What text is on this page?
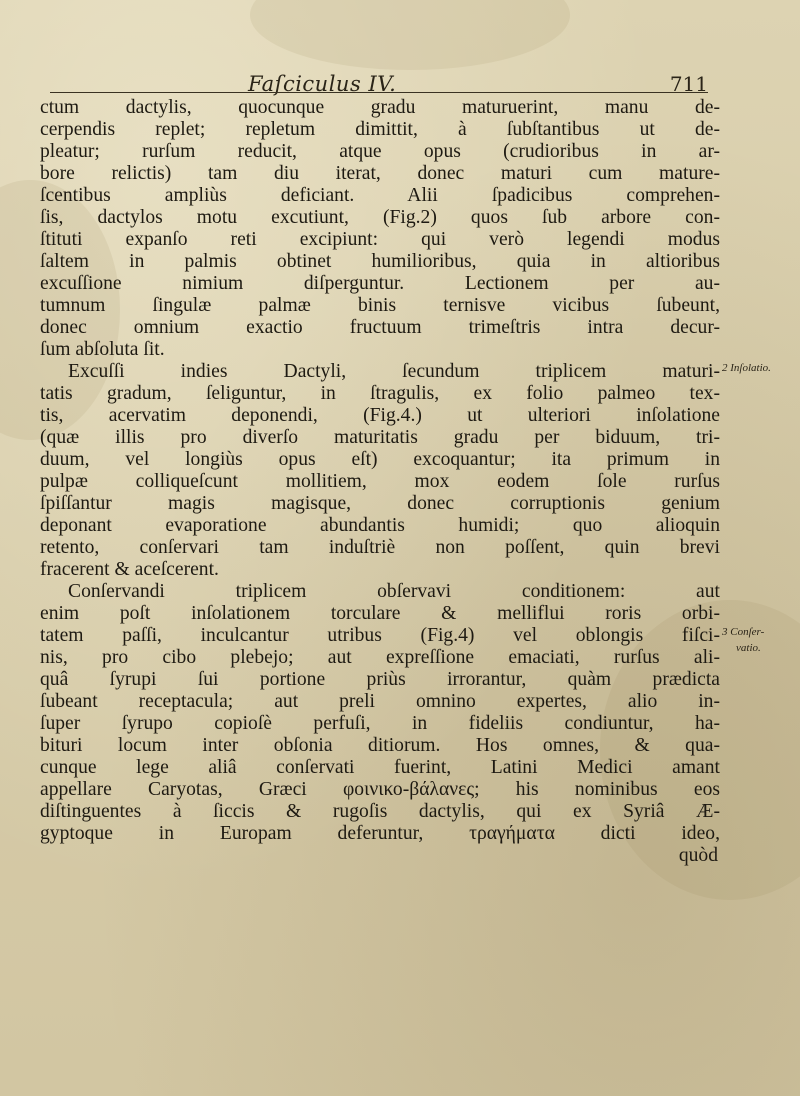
Faſciculus IV.	711
ctum dactylis, quocunque gradu maturuerint, manu de-
cerpendis replet; repletum dimittit, à ſubſtantibus ut de-
pleatur; rurſum reducit, atque opus (crudioribus in ar-
bore relictis) tam diu iterat, donec maturi cum mature-
ſcentibus ampliùs deficiant. Alii ſpadicibus comprehen-
ſis, dactylos motu excutiunt, (Fig.2) quos ſub arbore con-
ſtituti expanſo reti excipiunt: qui verò legendi modus
ſaltem in palmis obtinet humilioribus, quia in altioribus
excuſſione nimium diſperguntur. Lectionem per au-
tumnum ſingulæ palmæ binis ternisve vicibus ſubeunt,
donec omnium exactio fructuum trimeſtris intra decur-
ſum abſoluta ſit.
Excuſſi indies Dactyli, ſecundum triplicem maturi-
tatis gradum, ſeliguntur, in ſtragulis, ex folio palmeo tex-
tis, acervatim deponendi, (Fig.4.) ut ulteriori inſolatione
(quæ illis pro diverſo maturitatis gradu per biduum, tri-
duum, vel longiùs opus eſt) excoquantur; ita primum in
pulpæ colliqueſcunt mollitiem, mox eodem ſole rurſus
ſpiſſantur magis magisque, donec corruptionis genium
deponant evaporatione abundantis humidi; quo alioquin
retento, conſervari tam induſtriè non poſſent, quin brevi
fracerent & aceſcerent.
Conſervandi triplicem obſervavi conditionem: aut
enim poſt inſolationem torculare & melliflui roris orbi-
tatem paſſi, inculcantur utribus (Fig.4) vel oblongis fiſci-
nis, pro cibo plebejo; aut expreſſione emaciati, rurſus ali-
quâ ſyrupi ſui portione priùs irrorantur, quàm prædicta
ſubeant receptacula; aut preli omnino expertes, alio in-
ſuper ſyrupo copioſè perfuſi, in fideliis condiuntur, ha-
bituri locum inter obſonia ditiorum. Hos omnes, & qua-
cunque lege aliâ conſervati fuerint, Latini Medici amant
appellare Caryotas, Græci φοινικο-βάλανες; his nominibus eos
diſtinguentes à ſiccis & rugoſis dactylis, qui ex Syriâ Æ-
gyptoque in Europam deferuntur, τραγήματα dicti ideo,
quòd
2 Inſolatio.
3 Conſer-
vatio.
